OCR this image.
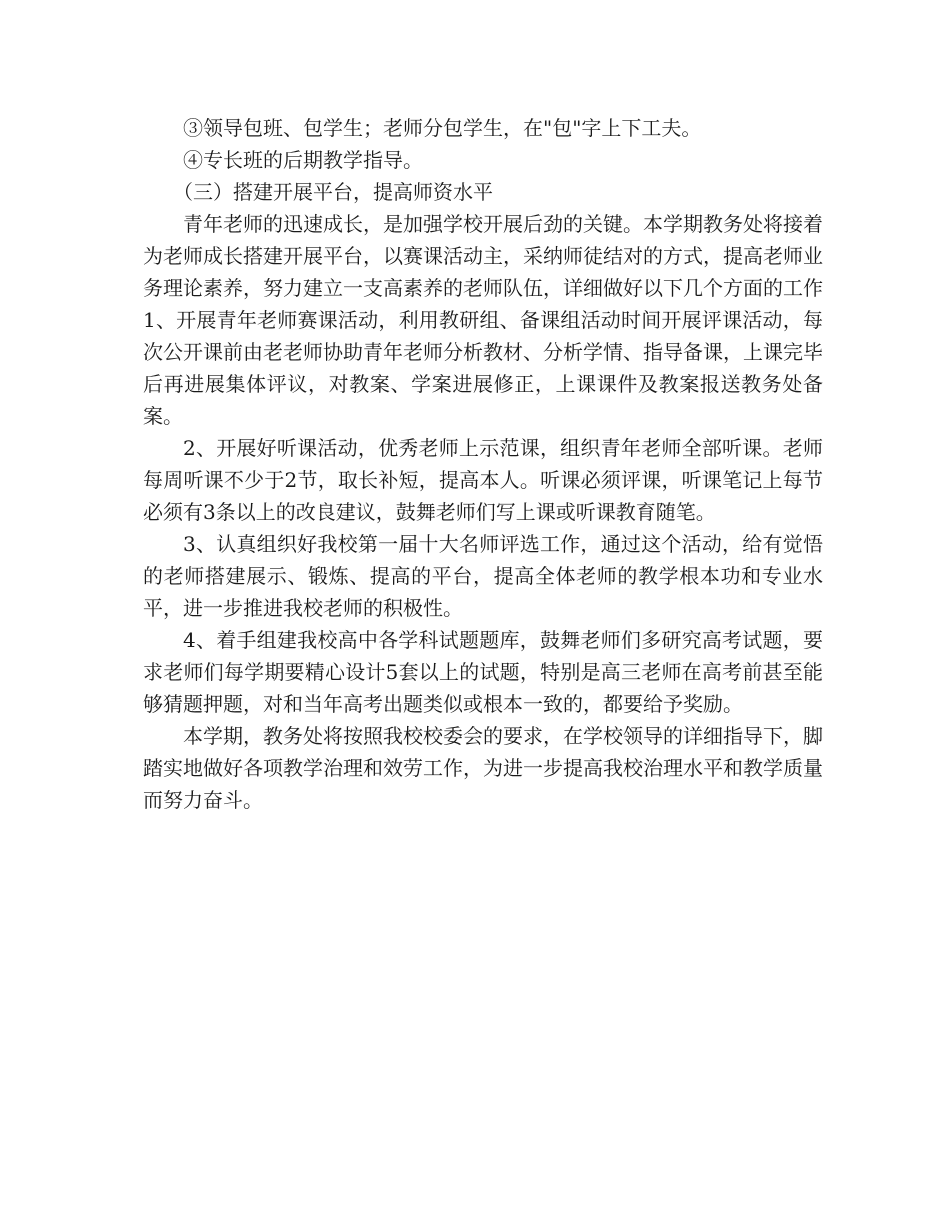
③领导包班、包学生；老师分包学生，在"包"字上下工夫。

④专长班的后期教学指导。

（三）搭建开展平台，提高师资水平

青年老师的迅速成长，是加强学校开展后劲的关键。本学期教务处将接着为老师成长搭建开展平台，以赛课活动主，采纳师徒结对的方式，提高老师业务理论素养，努力建立一支高素养的老师队伍，详细做好以下几个方面的工作　　1、开展青年老师赛课活动，利用教研组、备课组活动时间开展评课活动，每次公开课前由老老师协助青年老师分析教材、分析学情、指导备课，上课完毕后再进展集体评议，对教案、学案进展修正，上课课件及教案报送教务处备案。

2、开展好听课活动，优秀老师上示范课，组织青年老师全部听课。老师每周听课不少于2节，取长补短，提高本人。听课必须评课，听课笔记上每节必须有3条以上的改良建议，鼓舞老师们写上课或听课教育随笔。

3、认真组织好我校第一届十大名师评选工作，通过这个活动，给有觉悟的老师搭建展示、锻炼、提高的平台，提高全体老师的教学根本功和专业水平，进一步推进我校老师的积极性。

4、着手组建我校高中各学科试题题库，鼓舞老师们多研究高考试题，要求老师们每学期要精心设计5套以上的试题，特别是高三老师在高考前甚至能够猜题押题，对和当年高考出题类似或根本一致的，都要给予奖励。

本学期，教务处将按照我校校委会的要求，在学校领导的详细指导下，脚踏实地做好各项教学治理和效劳工作，为进一步提高我校治理水平和教学质量而努力奋斗。
